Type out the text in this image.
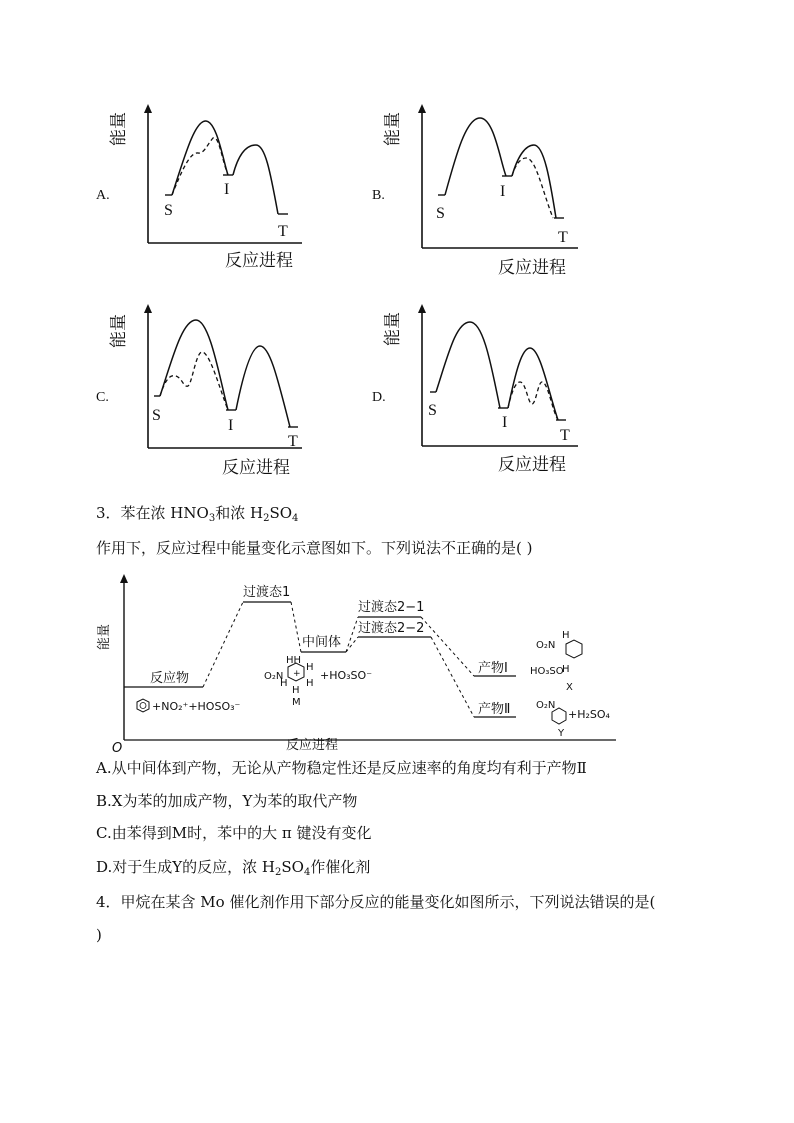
A.	B.
C.	D.
能量
反应进程
S
I
T
能量
反应进程
S
I
T
能量
反应进程
S
I
T
能量
反应进程
S
I
T
3．苯在浓 $HNO_3$和浓 $H_2SO_4$
作用下，反应过程中能量变化示意图如下。下列说法不正确的是( )
O
能量
反应进程
反应物
过渡态1
中间体
过渡态2−1
过渡态2−2
产物Ⅰ
产物Ⅱ
+NO₂⁺+HOSO₃⁻
HH
O₂N +
H
H H
H
M
+HO₃SO⁻
O₂N
H
HO₃SO
H
X
O₂N
+H₂SO₄
Y
A.从中间体到产物，无论从产物稳定性还是反应速率的角度均有利于产物Ⅱ
B.X为苯的加成产物，Y为苯的取代产物
C.由苯得到M时，苯中的大 π 键没有变化
D.对于生成Y的反应，浓 $H_2SO_4$作催化剂
4．甲烷在某含 Mo 催化剂作用下部分反应的能量变化如图所示，下列说法错误的是(
)
